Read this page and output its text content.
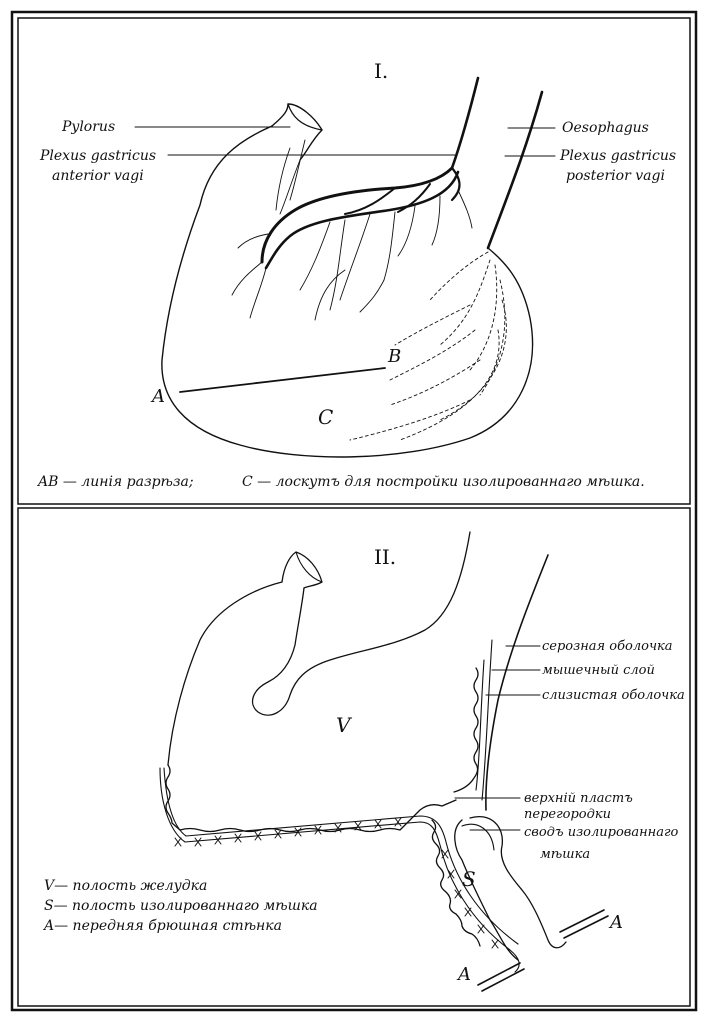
I.
Pylorus
Plexus gastricus
anterior vagi
Oesophagus
Plexus gastricus
posterior vagi
A
B
C
AB — линія разрѣза;	C — лоскутъ для постройки изолированнаго мѣшка.
II.
V
S
A
A
серозная оболочка
мышечный слой
слизистая оболочка
верхній пластъ
перегородки
сводъ изолированнаго
мѣшка
V— полость желудка
S— полость изолированнаго мѣшка
A— передняя брюшная стѣнка
